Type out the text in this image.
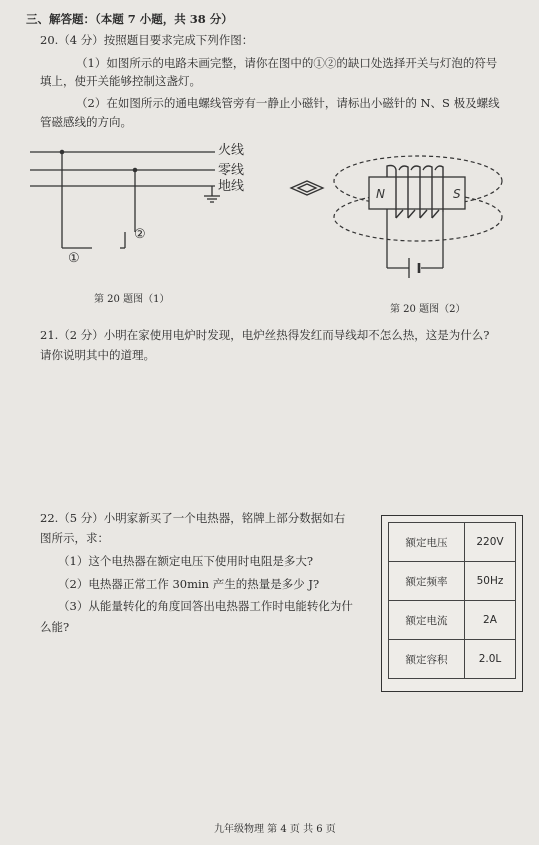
三、解答题：（本题 7 小题，共 38 分）
20.（4 分）按照题目要求完成下列作图：
（1）如图所示的电路未画完整，请你在图中的①②的缺口处选择开关与灯泡的符号
填上，使开关能够控制这盏灯。
（2）在如图所示的通电螺线管旁有一静止小磁针，请标出小磁针的 N、S 极及螺线
管磁感线的方向。
火线
零线
地线
①
②
第 20 题图（1）
N	S
第 20 题图（2）
21.（2 分）小明在家使用电炉时发现，电炉丝热得发红而导线却不怎么热，这是为什么?
请你说明其中的道理。
22.（5 分）小明家新买了一个电热器，铭牌上部分数据如右
图所示，求：
（1）这个电热器在额定电压下使用时电阻是多大?
（2）电热器正常工作 30min 产生的热量是多少 J?
（3）从能量转化的角度回答出电热器工作时电能转化为什
么能?
额定电压	220V
额定频率	50Hz
额定电流	2A
额定容积	2.0L
九年级物理 第 4 页 共 6 页
